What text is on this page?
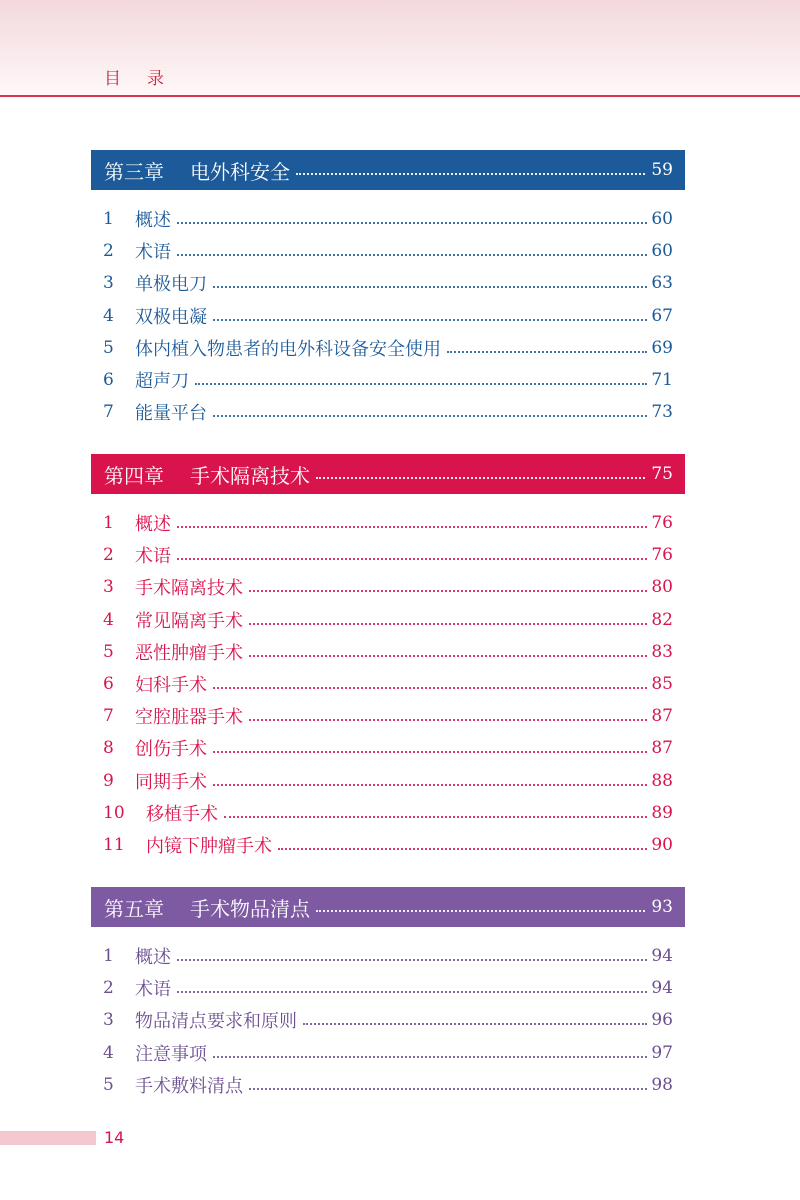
目录
第三章 电外科安全	59
1	概述	60
2	术语	60
3	单极电刀	63
4	双极电凝	67
5	体内植入物患者的电外科设备安全使用	69
6	超声刀	71
7	能量平台	73
第四章 手术隔离技术	75
1	概述	76
2	术语	76
3	手术隔离技术	80
4	常见隔离手术	82
5	恶性肿瘤手术	83
6	妇科手术	85
7	空腔脏器手术	87
8	创伤手术	87
9	同期手术	88
10	移植手术	89
11	内镜下肿瘤手术	90
第五章 手术物品清点	93
1	概述	94
2	术语	94
3	物品清点要求和原则	96
4	注意事项	97
5	手术敷料清点	98
14
